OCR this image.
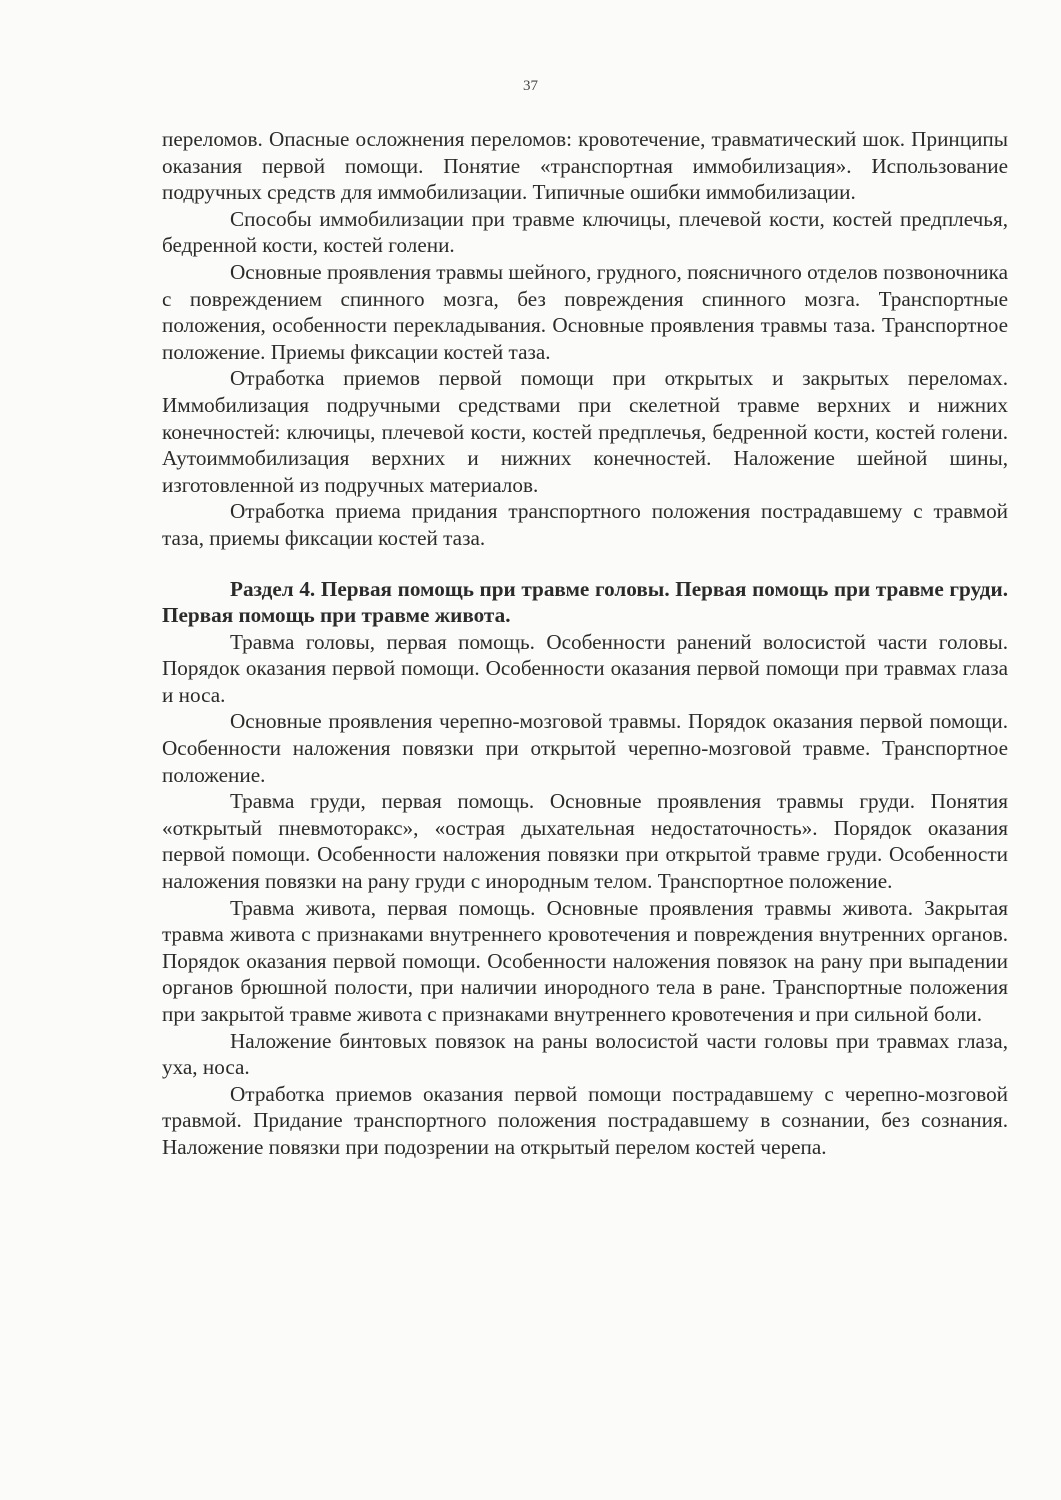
37

переломов. Опасные осложнения переломов: кровотечение, травматический шок. Принципы оказания первой помощи. Понятие «транспортная иммобилизация». Использование подручных средств для иммобилизации. Типичные ошибки иммобилизации.

Способы иммобилизации при травме ключицы, плечевой кости, костей предплечья, бедренной кости, костей голени.

Основные проявления травмы шейного, грудного, поясничного отделов позвоночника с повреждением спинного мозга, без повреждения спинного мозга. Транспортные положения, особенности перекладывания. Основные проявления травмы таза. Транспортное положение. Приемы фиксации костей таза.

Отработка приемов первой помощи при открытых и закрытых переломах. Иммобилизация подручными средствами при скелетной травме верхних и нижних конечностей: ключицы, плечевой кости, костей предплечья, бедренной кости, костей голени. Аутоиммобилизация верхних и нижних конечностей. Наложение шейной шины, изготовленной из подручных материалов.

Отработка приема придания транспортного положения пострадавшему с травмой таза, приемы фиксации костей таза.

Раздел 4. Первая помощь при травме головы. Первая помощь при травме груди. Первая помощь при травме живота.

Травма головы, первая помощь. Особенности ранений волосистой части головы. Порядок оказания первой помощи. Особенности оказания первой помощи при травмах глаза и носа.

Основные проявления черепно-мозговой травмы. Порядок оказания первой помощи. Особенности наложения повязки при открытой черепно-мозговой травме. Транспортное положение.

Травма груди, первая помощь. Основные проявления травмы груди. Понятия «открытый пневмоторакс», «острая дыхательная недостаточность». Порядок оказания первой помощи. Особенности наложения повязки при открытой травме груди. Особенности наложения повязки на рану груди с инородным телом. Транспортное положение.

Травма живота, первая помощь. Основные проявления травмы живота. Закрытая травма живота с признаками внутреннего кровотечения и повреждения внутренних органов. Порядок оказания первой помощи. Особенности наложения повязок на рану при выпадении органов брюшной полости, при наличии инородного тела в ране. Транспортные положения при закрытой травме живота с признаками внутреннего кровотечения и при сильной боли.

Наложение бинтовых повязок на раны волосистой части головы при травмах глаза, уха, носа.

Отработка приемов оказания первой помощи пострадавшему с черепно-мозговой травмой. Придание транспортного положения пострадавшему в сознании, без сознания. Наложение повязки при подозрении на открытый перелом костей черепа.
